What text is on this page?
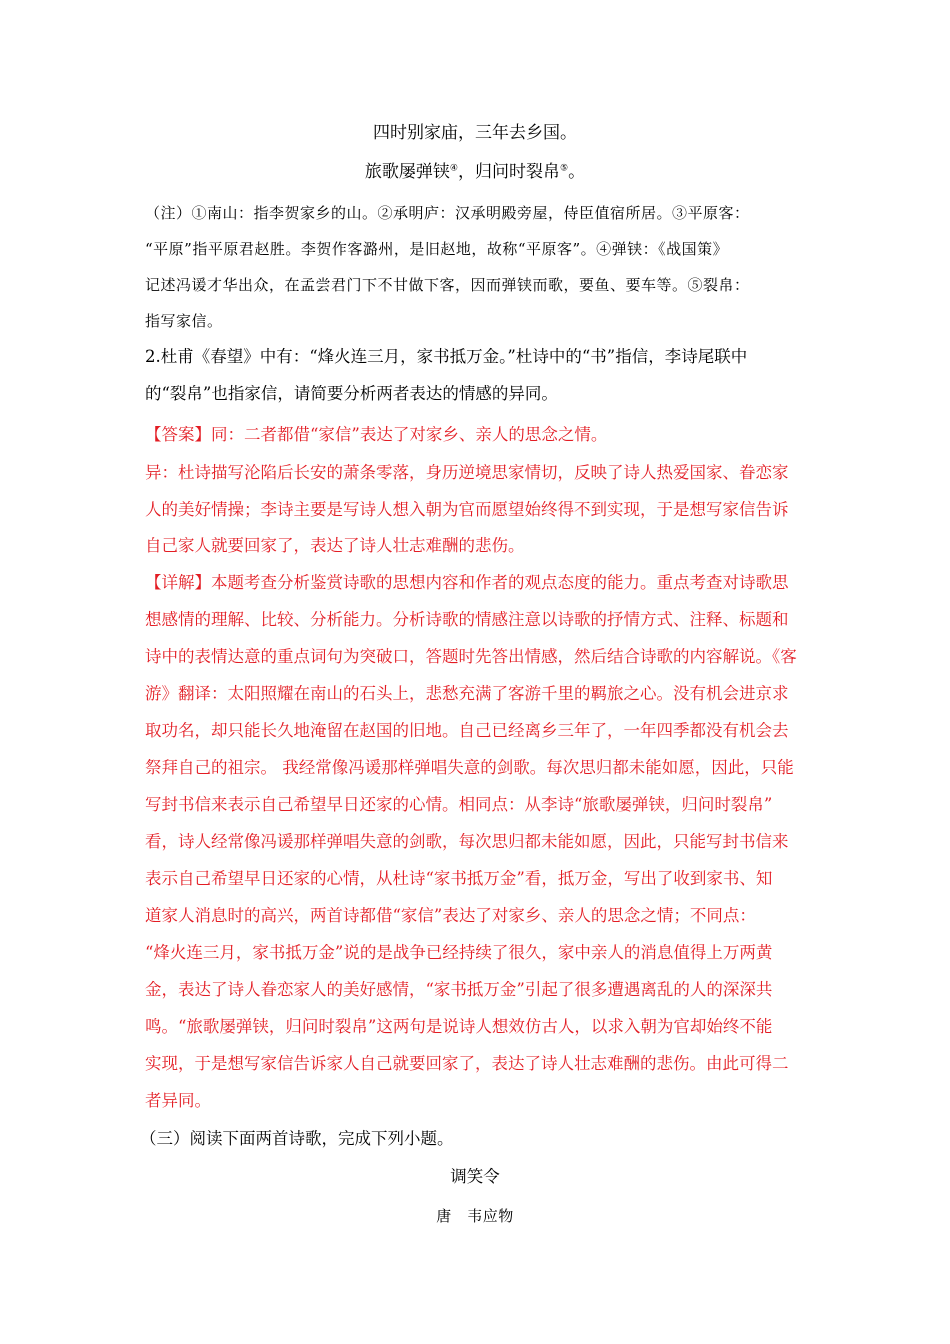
四时别家庙，三年去乡国。
旅歌屡弹铗④，归问时裂帛⑤。
（注）①南山：指李贺家乡的山。②承明庐：汉承明殿旁屋，侍臣值宿所居。③平原客：
“平原”指平原君赵胜。李贺作客潞州，是旧赵地，故称“平原客”。④弹铗：《战国策》
记述冯谖才华出众，在孟尝君门下不甘做下客，因而弹铗而歌，要鱼、要车等。⑤裂帛：
指写家信。
2.杜甫《春望》中有：“烽火连三月，家书抵万金。”杜诗中的“书”指信，李诗尾联中
的“裂帛”也指家信，请简要分析两者表达的情感的异同。
【答案】同：二者都借“家信”表达了对家乡、亲人的思念之情。
异：杜诗描写沦陷后长安的萧条零落，身历逆境思家情切，反映了诗人热爱国家、眷恋家
人的美好情操；李诗主要是写诗人想入朝为官而愿望始终得不到实现，于是想写家信告诉
自己家人就要回家了，表达了诗人壮志难酬的悲伤。
【详解】本题考查分析鉴赏诗歌的思想内容和作者的观点态度的能力。重点考查对诗歌思
想感情的理解、比较、分析能力。分析诗歌的情感注意以诗歌的抒情方式、注释、标题和
诗中的表情达意的重点词句为突破口，答题时先答出情感，然后结合诗歌的内容解说。《客
游》翻译：太阳照耀在南山的石头上，悲愁充满了客游千里的羁旅之心。没有机会进京求
取功名，却只能长久地淹留在赵国的旧地。自己已经离乡三年了，一年四季都没有机会去
祭拜自己的祖宗。 我经常像冯谖那样弹唱失意的剑歌。每次思归都未能如愿，因此，只能
写封书信来表示自己希望早日还家的心情。相同点：从李诗“旅歌屡弹铗，归问时裂帛”
看，诗人经常像冯谖那样弹唱失意的剑歌，每次思归都未能如愿，因此，只能写封书信来
表示自己希望早日还家的心情，从杜诗“家书抵万金”看，抵万金，写出了收到家书、知
道家人消息时的高兴，两首诗都借“家信”表达了对家乡、亲人的思念之情；不同点：
“烽火连三月，家书抵万金”说的是战争已经持续了很久，家中亲人的消息值得上万两黄
金，表达了诗人眷恋家人的美好感情，“家书抵万金”引起了很多遭遇离乱的人的深深共
鸣。“旅歌屡弹铗，归问时裂帛”这两句是说诗人想效仿古人，以求入朝为官却始终不能
实现，于是想写家信告诉家人自己就要回家了，表达了诗人壮志难酬的悲伤。由此可得二
者异同。
（三）阅读下面两首诗歌，完成下列小题。
调笑令
唐　韦应物
